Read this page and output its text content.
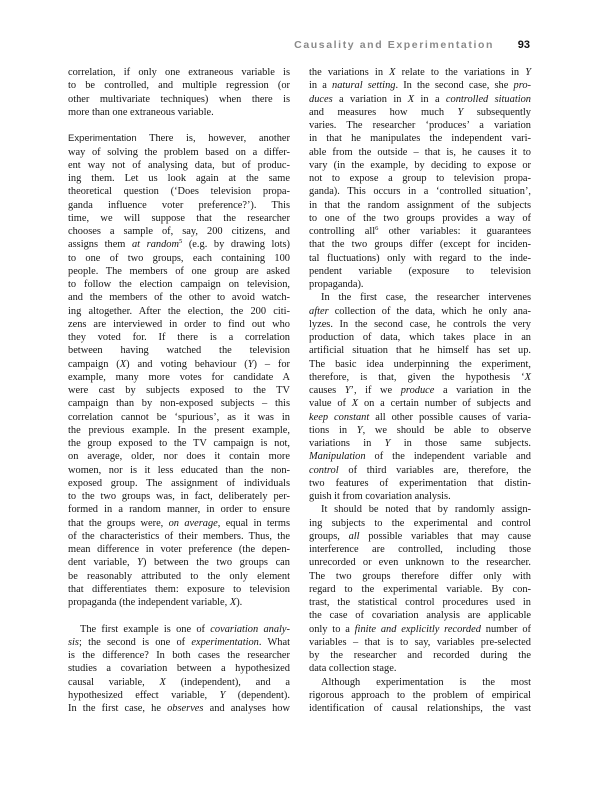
Causality and Experimentation 93
correlation, if only one extraneous variable is
to be controlled, and multiple regression (or
other multivariate techniques) when there is
more than one extraneous variable.
Experimentation There is, however, another
way of solving the problem based on a differ-
ent way not of analysing data, but of produc-
ing them. Let us look again at the same
theoretical question (‘Does television propa-
ganda influence voter preference?’). This
time, we will suppose that the researcher
chooses a sample of, say, 200 citizens, and
assigns them at random$^5$ (e.g. by drawing lots)
to one of two groups, each containing 100
people. The members of one group are asked
to follow the election campaign on television,
and the members of the other to avoid watch-
ing altogether. After the election, the 200 citi-
zens are interviewed in order to find out who
they voted for. If there is a correlation
between having watched the television
campaign (X) and voting behaviour (Y) – for
example, many more votes for candidate A
were cast by subjects exposed to the TV
campaign than by non-exposed subjects – this
correlation cannot be ‘spurious’, as it was in
the previous example. In the present example,
the group exposed to the TV campaign is not,
on average, older, nor does it contain more
women, nor is it less educated than the non-
exposed group. The assignment of individuals
to the two groups was, in fact, deliberately per-
formed in a random manner, in order to ensure
that the groups were, on average, equal in terms
of the characteristics of their members. Thus, the
mean difference in voter preference (the depen-
dent variable, Y) between the two groups can
be reasonably attributed to the only element
that differentiates them: exposure to television
propaganda (the independent variable, X).
The first example is one of covariation analy-
sis; the second is one of experimentation. What
is the difference? In both cases the researcher
studies a covariation between a hypothesized
causal variable, X (independent), and a
hypothesized effect variable, Y (dependent).
In the first case, he observes and analyses how
the variations in X relate to the variations in Y
in a natural setting. In the second case, she pro-
duces a variation in X in a controlled situation
and measures how much Y subsequently
varies. The researcher ‘produces’ a variation
in that he manipulates the independent vari-
able from the outside – that is, he causes it to
vary (in the example, by deciding to expose or
not to expose a group to television propa-
ganda). This occurs in a ‘controlled situation’,
in that the random assignment of the subjects
to one of the two groups provides a way of
controlling all$^6$ other variables: it guarantees
that the two groups differ (except for inciden-
tal fluctuations) only with regard to the inde-
pendent variable (exposure to television
propaganda).
In the first case, the researcher intervenes
after collection of the data, which he only ana-
lyzes. In the second case, he controls the very
production of data, which takes place in an
artificial situation that he himself has set up.
The basic idea underpinning the experiment,
therefore, is that, given the hypothesis ‘X
causes Y’, if we produce a variation in the
value of X on a certain number of subjects and
keep constant all other possible causes of varia-
tions in Y, we should be able to observe
variations in Y in those same subjects.
Manipulation of the independent variable and
control of third variables are, therefore, the
two features of experimentation that distin-
guish it from covariation analysis.
It should be noted that by randomly assign-
ing subjects to the experimental and control
groups, all possible variables that may cause
interference are controlled, including those
unrecorded or even unknown to the researcher.
The two groups therefore differ only with
regard to the experimental variable. By con-
trast, the statistical control procedures used in
the case of covariation analysis are applicable
only to a finite and explicitly recorded number of
variables – that is to say, variables pre-selected
by the researcher and recorded during the
data collection stage.
Although experimentation is the most
rigorous approach to the problem of empirical
identification of causal relationships, the vast
